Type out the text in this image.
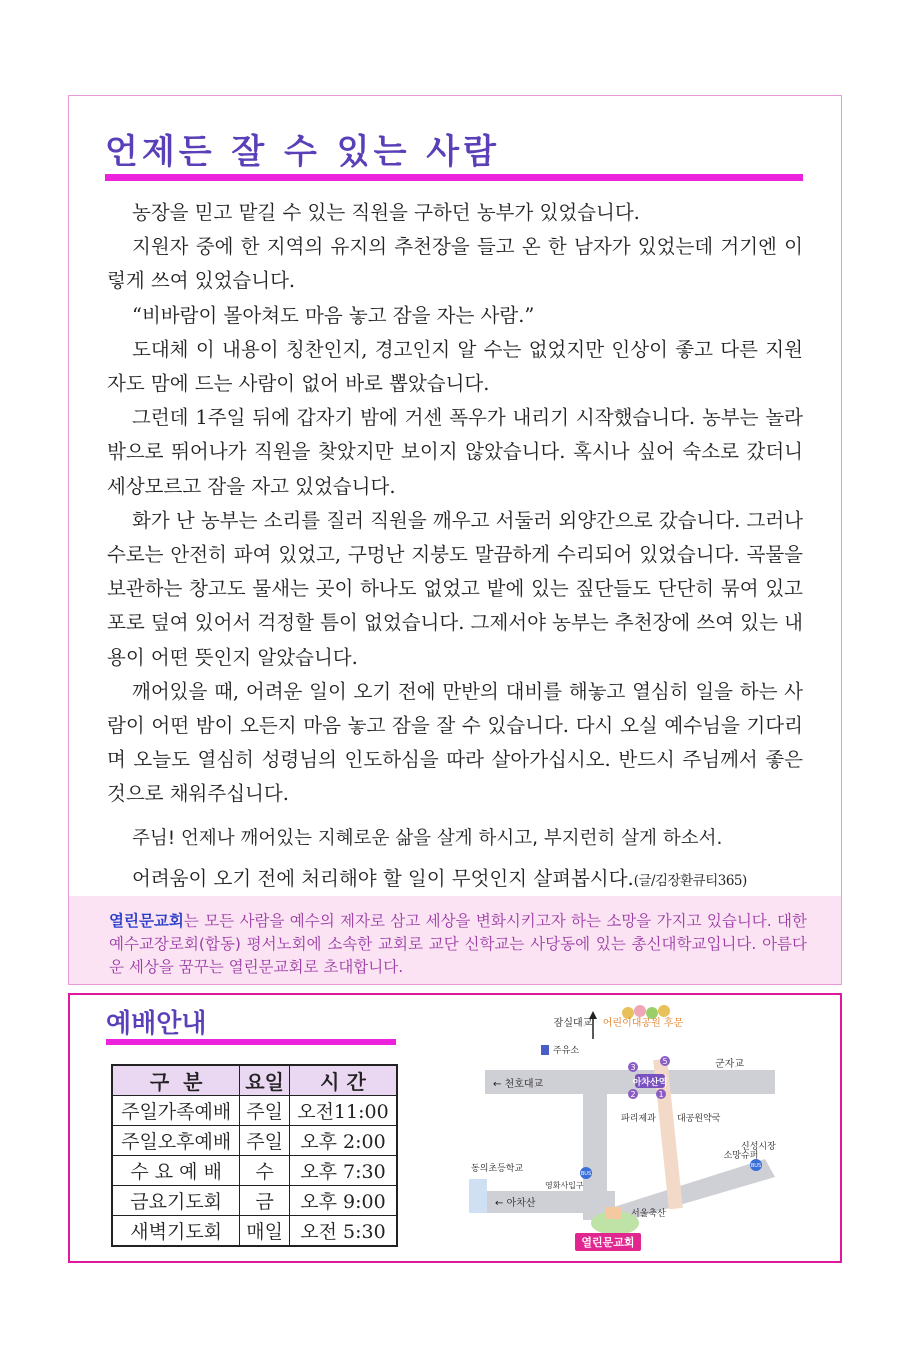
언제든 잘 수 있는 사람

농장을 믿고 맡길 수 있는 직원을 구하던 농부가 있었습니다.

지원자 중에 한 지역의 유지의 추천장을 들고 온 한 남자가 있었는데 거기엔 이렇게 쓰여 있었습니다.

“비바람이 몰아쳐도 마음 놓고 잠을 자는 사람.”

도대체 이 내용이 칭찬인지, 경고인지 알 수는 없었지만 인상이 좋고 다른 지원자도 맘에 드는 사람이 없어 바로 뽑았습니다.

그런데 1주일 뒤에 갑자기 밤에 거센 폭우가 내리기 시작했습니다. 농부는 놀라 밖으로 뛰어나가 직원을 찾았지만 보이지 않았습니다. 혹시나 싶어 숙소로 갔더니 세상모르고 잠을 자고 있었습니다.

화가 난 농부는 소리를 질러 직원을 깨우고 서둘러 외양간으로 갔습니다. 그러나 수로는 안전히 파여 있었고, 구멍난 지붕도 말끔하게 수리되어 있었습니다. 곡물을 보관하는 창고도 물새는 곳이 하나도 없었고 밭에 있는 짚단들도 단단히 묶여 있고 포로 덮여 있어서 걱정할 틈이 없었습니다. 그제서야 농부는 추천장에 쓰여 있는 내용이 어떤 뜻인지 알았습니다.

깨어있을 때, 어려운 일이 오기 전에 만반의 대비를 해놓고 열심히 일을 하는 사람이 어떤 밤이 오든지 마음 놓고 잠을 잘 수 있습니다. 다시 오실 예수님을 기다리며 오늘도 열심히 성령님의 인도하심을 따라 살아가십시오. 반드시 주님께서 좋은 것으로 채워주십니다.

주님! 언제나 깨어있는 지혜로운 삶을 살게 하시고, 부지런히 살게 하소서.

어려움이 오기 전에 처리해야 할 일이 무엇인지 살펴봅시다.(글/김장환큐티365)

열린문교회는 모든 사람을 예수의 제자로 삼고 세상을 변화시키고자 하는 소망을 가지고 있습니다. 대한예수교장로회(합동) 평서노회에 소속한 교회로 교단 신학교는 사당동에 있는 총신대학교입니다. 아름다운 세상을 꿈꾸는 열린문교회로 초대합니다.
예배안내
구  분	요일	시 간
주일가족예배	주일	오전11:00
주일오후예배	주일	오후 2:00
수 요 예 배	수	오후 7:30
금요기도회	금	오후 9:00
새벽기도회	매일	오전 5:30
3
5
2	1
아차산역
BUS
BUS
열린문교회
잠실대교 어린이대공원 후문
주유소
군자교
← 천호대교
파리제과 대공원약국
소망슈퍼
신성시장
동의초등학교
영화사입구
← 아차산
서울축산
